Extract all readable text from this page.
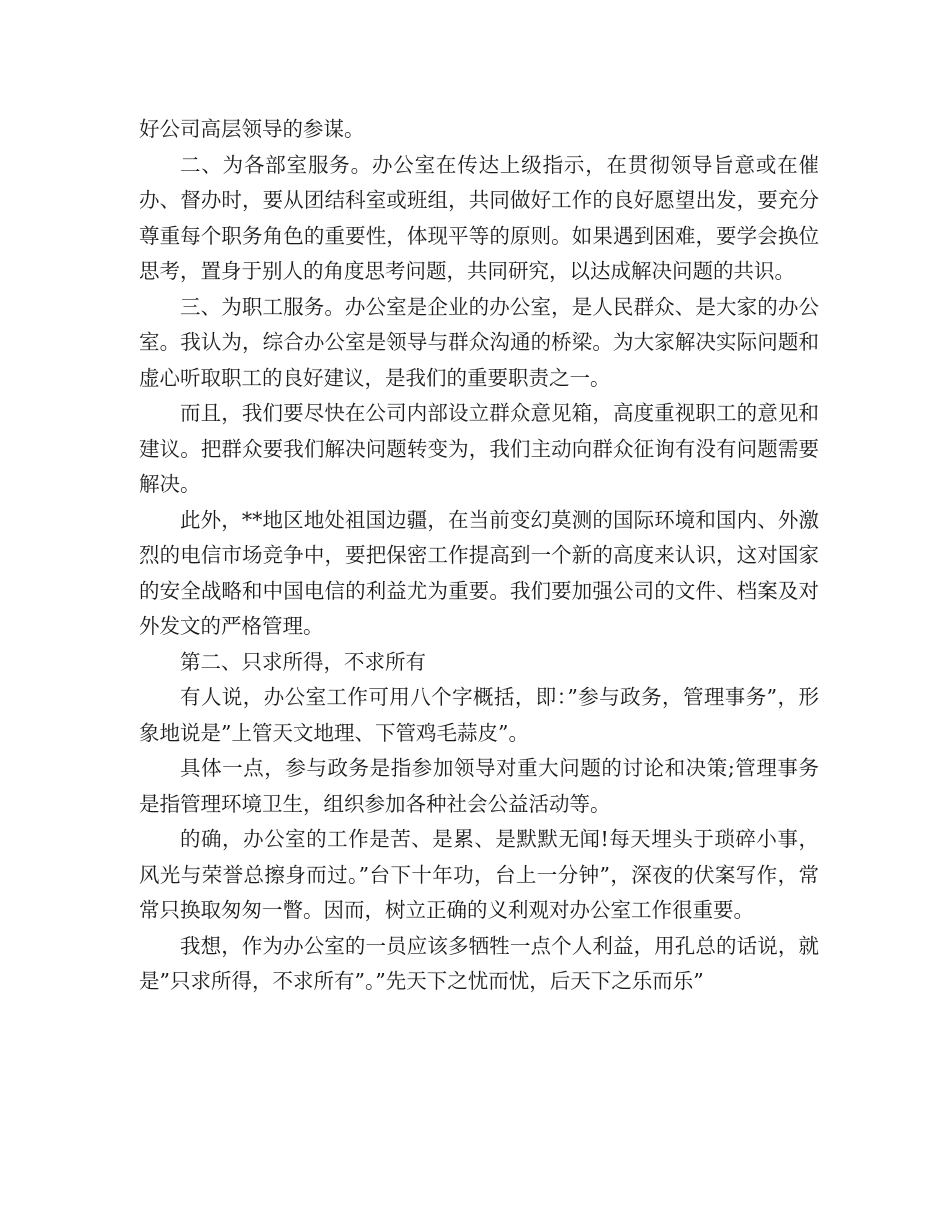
好公司高层领导的参谋。

二、为各部室服务。办公室在传达上级指示，在贯彻领导旨意或在催办、督办时，要从团结科室或班组，共同做好工作的良好愿望出发，要充分尊重每个职务角色的重要性，体现平等的原则。如果遇到困难，要学会换位思考，置身于别人的角度思考问题，共同研究，以达成解决问题的共识。

三、为职工服务。办公室是企业的办公室，是人民群众、是大家的办公室。我认为，综合办公室是领导与群众沟通的桥梁。为大家解决实际问题和虚心听取职工的良好建议，是我们的重要职责之一。

而且，我们要尽快在公司内部设立群众意见箱，高度重视职工的意见和建议。把群众要我们解决问题转变为，我们主动向群众征询有没有问题需要解决。

此外，**地区地处祖国边疆，在当前变幻莫测的国际环境和国内、外激烈的电信市场竞争中，要把保密工作提高到一个新的高度来认识，这对国家的安全战略和中国电信的利益尤为重要。我们要加强公司的文件、档案及对外发文的严格管理。

第二、只求所得，不求所有

有人说，办公室工作可用八个字概括，即：”参与政务，管理事务”，形象地说是”上管天文地理、下管鸡毛蒜皮”。

具体一点，参与政务是指参加领导对重大问题的讨论和决策;管理事务是指管理环境卫生，组织参加各种社会公益活动等。

的确，办公室的工作是苦、是累、是默默无闻!每天埋头于琐碎小事，风光与荣誉总擦身而过。”台下十年功，台上一分钟”，深夜的伏案写作，常常只换取匆匆一瞥。因而，树立正确的义利观对办公室工作很重要。

我想，作为办公室的一员应该多牺牲一点个人利益，用孔总的话说，就是”只求所得，不求所有”。”先天下之忧而忧，后天下之乐而乐”
